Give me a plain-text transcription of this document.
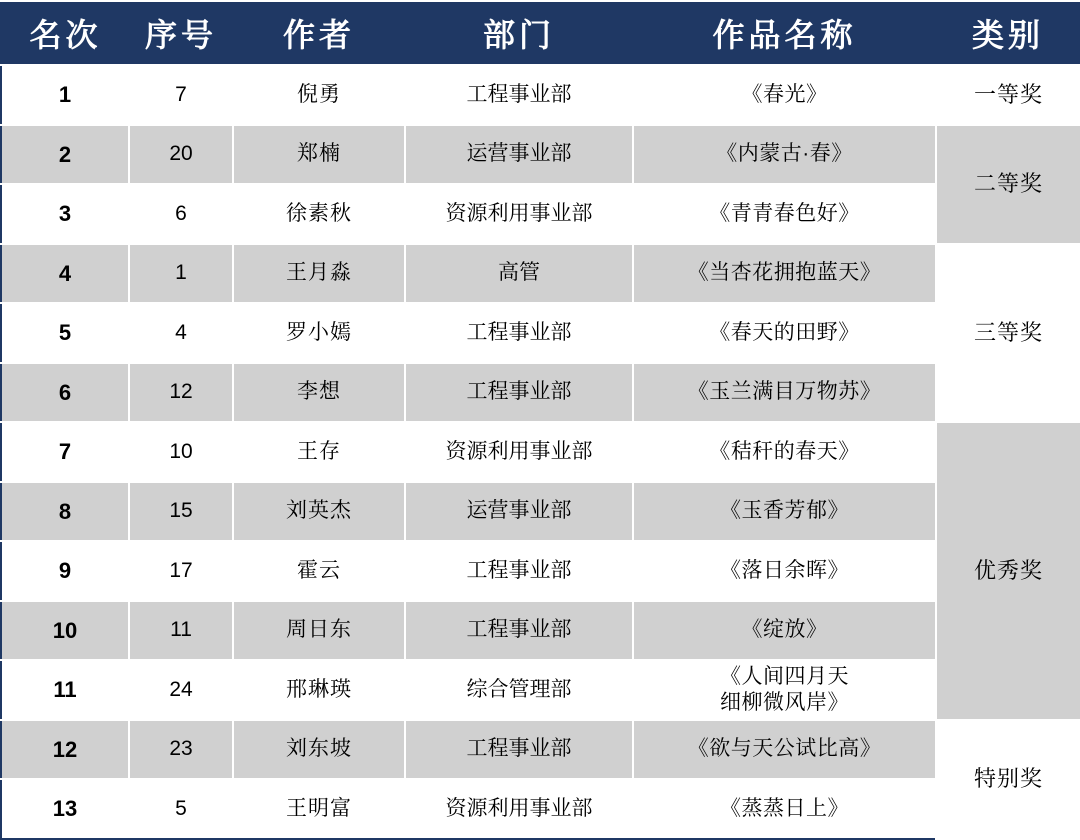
名次	序号	作者	部门	作品名称	类别
1	7	倪勇	工程事业部	《春光》	一等奖
2	20	郑楠	运营事业部	《内蒙古·春》	二等奖
3	6	徐素秋	资源利用事业部	《青青春色好》	
4	1	王月淼	高管	《当杏花拥抱蓝天》	三等奖
5	4	罗小嫣	工程事业部	《春天的田野》	
6	12	李想	工程事业部	《玉兰满目万物苏》	
7	10	王存	资源利用事业部	《秸秆的春天》	优秀奖
8	15	刘英杰	运营事业部	《玉香芳郁》	
9	17	霍云	工程事业部	《落日余晖》	
10	11	周日东	工程事业部	《绽放》	
11	24	邢琳瑛	综合管理部	《人间四月天
细柳微风岸》	

12	23	刘东坡	工程事业部	《欲与天公试比高》	特别奖
13	5	王明富	资源利用事业部	《蒸蒸日上》	
